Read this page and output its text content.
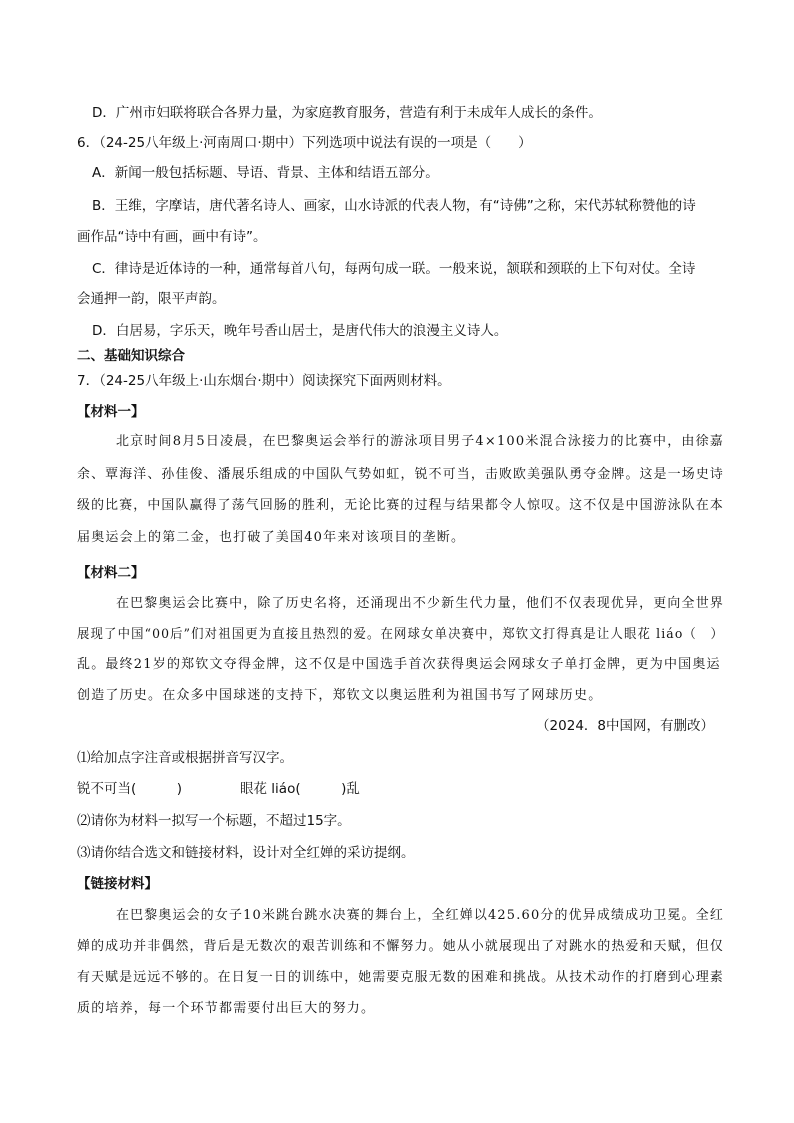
D．广州市妇联将联合各界力量，为家庭教育服务，营造有利于未成年人成长的条件。
6．（24-25八年级上·河南周口·期中）下列选项中说法有误的一项是（　　）
A．新闻一般包括标题、导语、背景、主体和结语五部分。
B．王维，字摩诘，唐代著名诗人、画家，山水诗派的代表人物，有“诗佛”之称，宋代苏轼称赞他的诗
画作品“诗中有画，画中有诗”。
C．律诗是近体诗的一种，通常每首八句，每两句成一联。一般来说，颔联和颈联的上下句对仗。全诗
会通押一韵，限平声韵。
D．白居易，字乐天，晚年号香山居士，是唐代伟大的浪漫主义诗人。
二、基础知识综合
7．（24-25八年级上·山东烟台·期中）阅读探究下面两则材料。
【材料一】
北京时间8月5日凌晨，在巴黎奥运会举行的游泳项目男子4×100米混合泳接力的比赛中，由徐嘉
余、覃海洋、孙佳俊、潘展乐组成的中国队气势如虹，锐不可当，击败欧美强队勇夺金牌。这是一场史诗
级的比赛，中国队赢得了荡气回肠的胜利，无论比赛的过程与结果都令人惊叹。这不仅是中国游泳队在本
届奥运会上的第二金，也打破了美国40年来对该项目的垄断。
【材料二】
在巴黎奥运会比赛中，除了历史名将，还涌现出不少新生代力量，他们不仅表现优异，更向全世界
展现了中国“00后”们对祖国更为直接且热烈的爱。在网球女单决赛中，郑钦文打得真是让人眼花 liáo（　）
乱。最终21岁的郑钦文夺得金牌，这不仅是中国选手首次获得奥运会网球女子单打金牌，更为中国奥运
创造了历史。在众多中国球迷的支持下，郑钦文以奥运胜利为祖国书写了网球历史。
（2024．8中国网，有删改）
⑴给加点字注音或根据拼音写汉字。
锐不可当(　　　)	眼花 liáo(　　　)乱
⑵请你为材料一拟写一个标题，不超过15字。
⑶请你结合选文和链接材料，设计对全红婵的采访提纲。
【链接材料】
在巴黎奥运会的女子10米跳台跳水决赛的舞台上，全红婵以425.60分的优异成绩成功卫冕。全红
婵的成功并非偶然，背后是无数次的艰苦训练和不懈努力。她从小就展现出了对跳水的热爱和天赋，但仅
有天赋是远远不够的。在日复一日的训练中，她需要克服无数的困难和挑战。从技术动作的打磨到心理素
质的培养，每一个环节都需要付出巨大的努力。
